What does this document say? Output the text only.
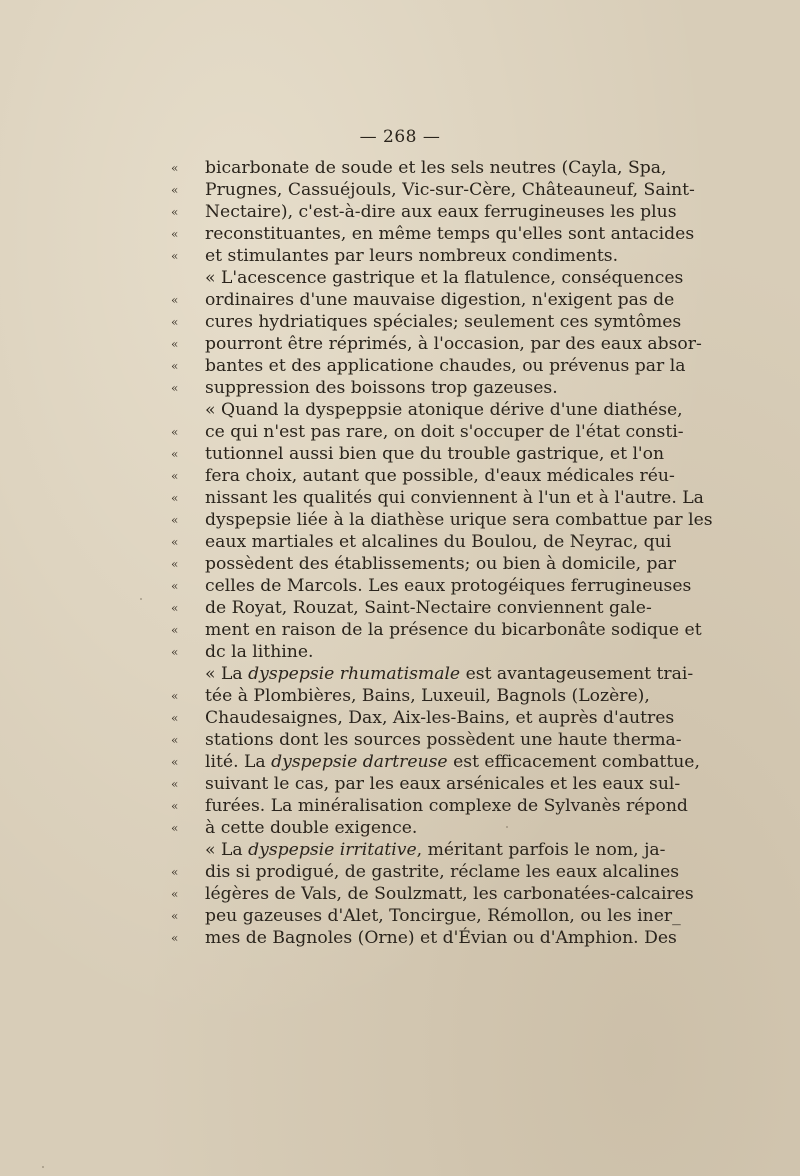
— 268 —
«	bicarbonate de soude et les sels neutres (Cayla, Spa,
«	Prugnes, Cassuéjouls, Vic-sur-Cère, Châteauneuf, Saint-
«	Nectaire), c'est-à-dire aux eaux ferrugineuses les plus
«	reconstituantes, en même temps qu'elles sont antacides
«	et stimulantes par leurs nombreux condiments.
« L'acescence gastrique et la flatulence, conséquences
«	ordinaires d'une mauvaise digestion, n'exigent pas de
«	cures hydriatiques spéciales; seulement ces symtômes
«	pourront être réprimés, à l'occasion, par des eaux absor-
«	bantes et des applicatione chaudes, ou prévenus par la
«	suppression des boissons trop gazeuses.
« Quand la dyspeppsie atonique dérive d'une diathése,
«	ce qui n'est pas rare, on doit s'occuper de l'état consti-
«	tutionnel aussi bien que du trouble gastrique, et l'on
«	fera choix, autant que possible, d'eaux médicales réu-
«	nissant les qualités qui conviennent à l'un et à l'autre. La
«	dyspepsie liée à la diathèse urique sera combattue par les
«	eaux martiales et alcalines du Boulou, de Neyrac, qui
«	possèdent des établissements; ou bien à domicile, par
«	celles de Marcols. Les eaux protogéiques ferrugineuses
«	de Royat, Rouzat, Saint-Nectaire conviennent gale-
«	ment en raison de la présence du bicarbonâte sodique et
«	dc la lithine.
« La dyspepsie rhumatismale est avantageusement trai-
«	tée à Plombières, Bains, Luxeuil, Bagnols (Lozère),
«	Chaudesaignes, Dax, Aix-les-Bains, et auprès d'autres
«	stations dont les sources possèdent une haute therma-
«	lité. La dyspepsie dartreuse est efficacement combattue,
«	suivant le cas, par les eaux arsénicales et les eaux sul-
«	furées. La minéralisation complexe de Sylvanès répond
«	à cette double exigence.
« La dyspepsie irritative, méritant parfois le nom, ja-
«	dis si prodigué, de gastrite, réclame les eaux alcalines
«	légères de Vals, de Soulzmatt, les carbonatées-calcaires
«	peu gazeuses d'Alet, Toncirgue, Rémollon, ou les iner_
«	mes de Bagnoles (Orne) et d'Évian ou d'Amphion. Des
